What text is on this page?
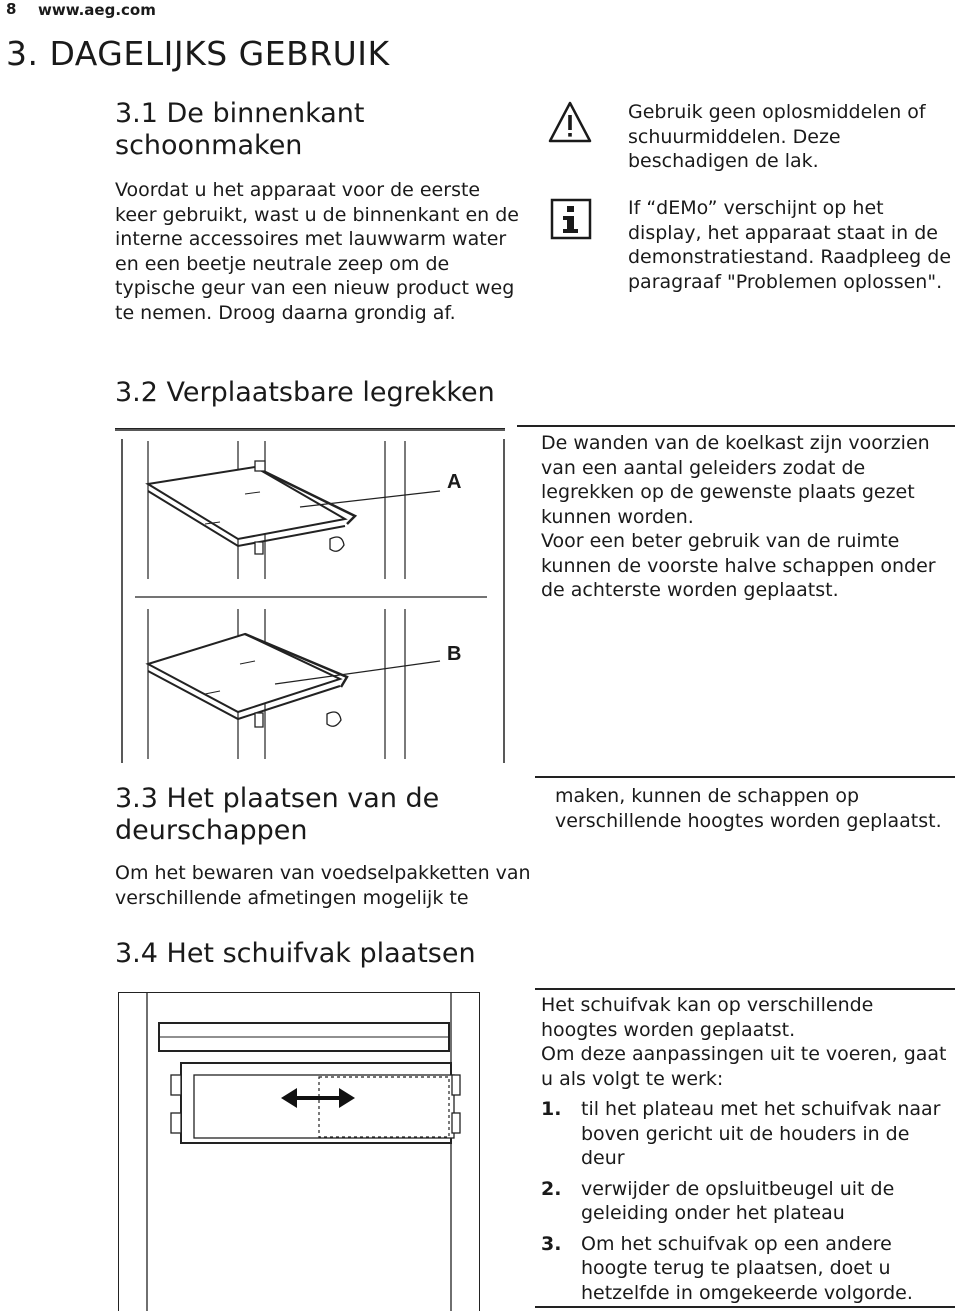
8 www.aeg.com
3. DAGELIJKS GEBRUIK
3.1 De binnenkant
schoonmaken

Voordat u het apparaat voor de eerste keer gebruikt, wast u de binnenkant en de interne accessoires met lauwwarm water en een beetje neutrale zeep om de typische geur van een nieuw product weg te nemen. Droog daarna grondig af.

Gebruik geen oplosmiddelen of schuurmiddelen. Deze beschadigen de lak.
If “dEMo” verschijnt op het display, het apparaat staat in de demonstratiestand. Raadpleeg de paragraaf "Problemen oplossen".
3.2 Verplaatsbare legrekken
A
B

De wanden van de koelkast zijn voorzien van een aantal geleiders zodat de legrekken op de gewenste plaats gezet kunnen worden.

Voor een beter gebruik van de ruimte kunnen de voorste halve schappen onder de achterste worden geplaatst.

3.3 Het plaatsen van de
deurschappen
Om het bewaren van voedselpakketten van verschillende afmetingen mogelijk te
maken, kunnen de schappen op verschillende hoogtes worden geplaatst.
3.4 Het schuifvak plaatsen

Het schuifvak kan op verschillende hoogtes worden geplaatst.

Om deze aanpassingen uit te voeren, gaat u als volgt te werk:

1. til het plateau met het schuifvak naar boven gericht uit de houders in de deur
2. verwijder de opsluitbeugel uit de geleiding onder het plateau
3. Om het schuifvak op een andere hoogte terug te plaatsen, doet u hetzelfde in omgekeerde volgorde.
